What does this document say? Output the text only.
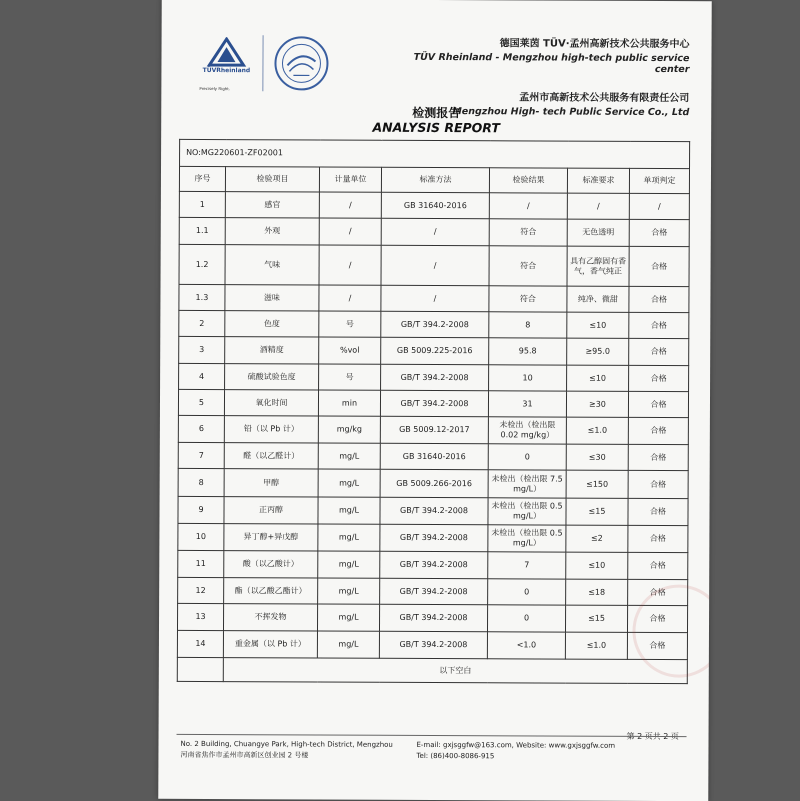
TÜVRheinland
Precisely Right.
德国莱茵 TÜV·孟州高新技术公共服务中心
TÜV Rheinland - Mengzhou high-tech public service center
孟州市高新技术公共服务有限责任公司
Mengzhou High- tech Public Service Co., Ltd
检测报告
ANALYSIS REPORT
NO:MG220601-ZF02001						
序号	检验项目	计量单位	标准方法	检验结果	标准要求	单项判定
1	感官	/	GB 31640-2016	/	/	/
1.1	外观	/	/	符合	无色透明	合格
1.2	气味	/	/	符合	具有乙醇固有香气，香气纯正	合格
1.3	滋味	/	/	符合	纯净、微甜	合格
2	色度	号	GB/T 394.2-2008	8	≤10	合格
3	酒精度	%vol	GB 5009.225-2016	95.8	≥95.0	合格
4	硫酸试验色度	号	GB/T 394.2-2008	10	≤10	合格
5	氧化时间	min	GB/T 394.2-2008	31	≥30	合格
6	铅（以 Pb 计）	mg/kg	GB 5009.12-2017	未检出（检出限 0.02 mg/kg）	≤1.0	合格
7	醛（以乙醛计）	mg/L	GB 31640-2016	0	≤30	合格
8	甲醇	mg/L	GB 5009.266-2016	未检出（检出限 7.5 mg/L）	≤150	合格
9	正丙醇	mg/L	GB/T 394.2-2008	未检出（检出限 0.5 mg/L）	≤15	合格
10	异丁醇+异戊醇	mg/L	GB/T 394.2-2008	未检出（检出限 0.5 mg/L）	≤2	合格
11	酸（以乙酸计）	mg/L	GB/T 394.2-2008	7	≤10	合格
12	酯（以乙酸乙酯计）	mg/L	GB/T 394.2-2008	0	≤18	合格
13	不挥发物	mg/L	GB/T 394.2-2008	0	≤15	合格
14	重金属（以 Pb 计）	mg/L	GB/T 394.2-2008	<1.0	≤1.0	合格
	以下空白					
No. 2 Building, Chuangye Park, High-tech District, Mengzhou
河南省焦作市孟州市高新区创业园 2 号楼
E-mail: gxjsggfw@163.com, Website: www.gxjsggfw.com
Tel: (86)400-8086-915
